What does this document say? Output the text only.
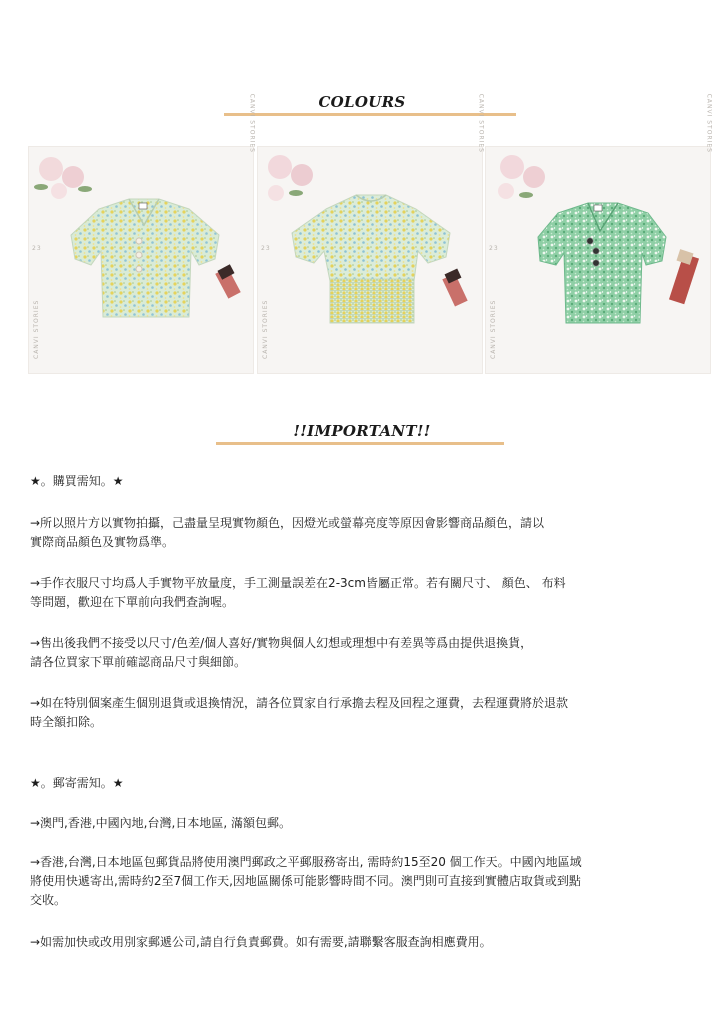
COLOURS
CANVI STORIES
CANVI STORIES
23
CANVI STORIES
CANVI STORIES
23
CANVI STORIES
CANVI STORIES
23
!!IMPORTANT!!

★。購買需知。★

→所以照片方以實物拍攝，己盡量呈現實物顏色，因燈光或螢幕亮度等原因會影響商品顏色，請以

實際商品顏色及實物爲準。

→手作衣服尺寸均爲人手實物平放量度，手工測量誤差在2-3cm皆屬正常。若有關尺寸、 顏色、 布料

等問題，歡迎在下單前向我們查詢喔。

→售出後我們不接受以尺寸/色差/個人喜好/實物與個人幻想或理想中有差異等爲由提供退換貨，

請各位買家下單前確認商品尺寸與細節。

→如在特別個案產生個別退貨或退換情況，請各位買家自行承擔去程及回程之運費，去程運費將於退款

時全額扣除。

★。郵寄需知。★

→澳門,香港,中國內地,台灣,日本地區, 滿額包郵。

→香港,台灣,日本地區包郵貨品將使用澳門郵政之平郵服務寄出, 需時約15至20 個工作天。中國內地區域

將使用快遞寄出,需時約2至7個工作天,因地區關係可能影響時間不同。澳門則可直接到實體店取貨或到點

交收。

→如需加快或改用別家郵遞公司,請自行負責郵費。如有需要,請聯繫客服查詢相應費用。
